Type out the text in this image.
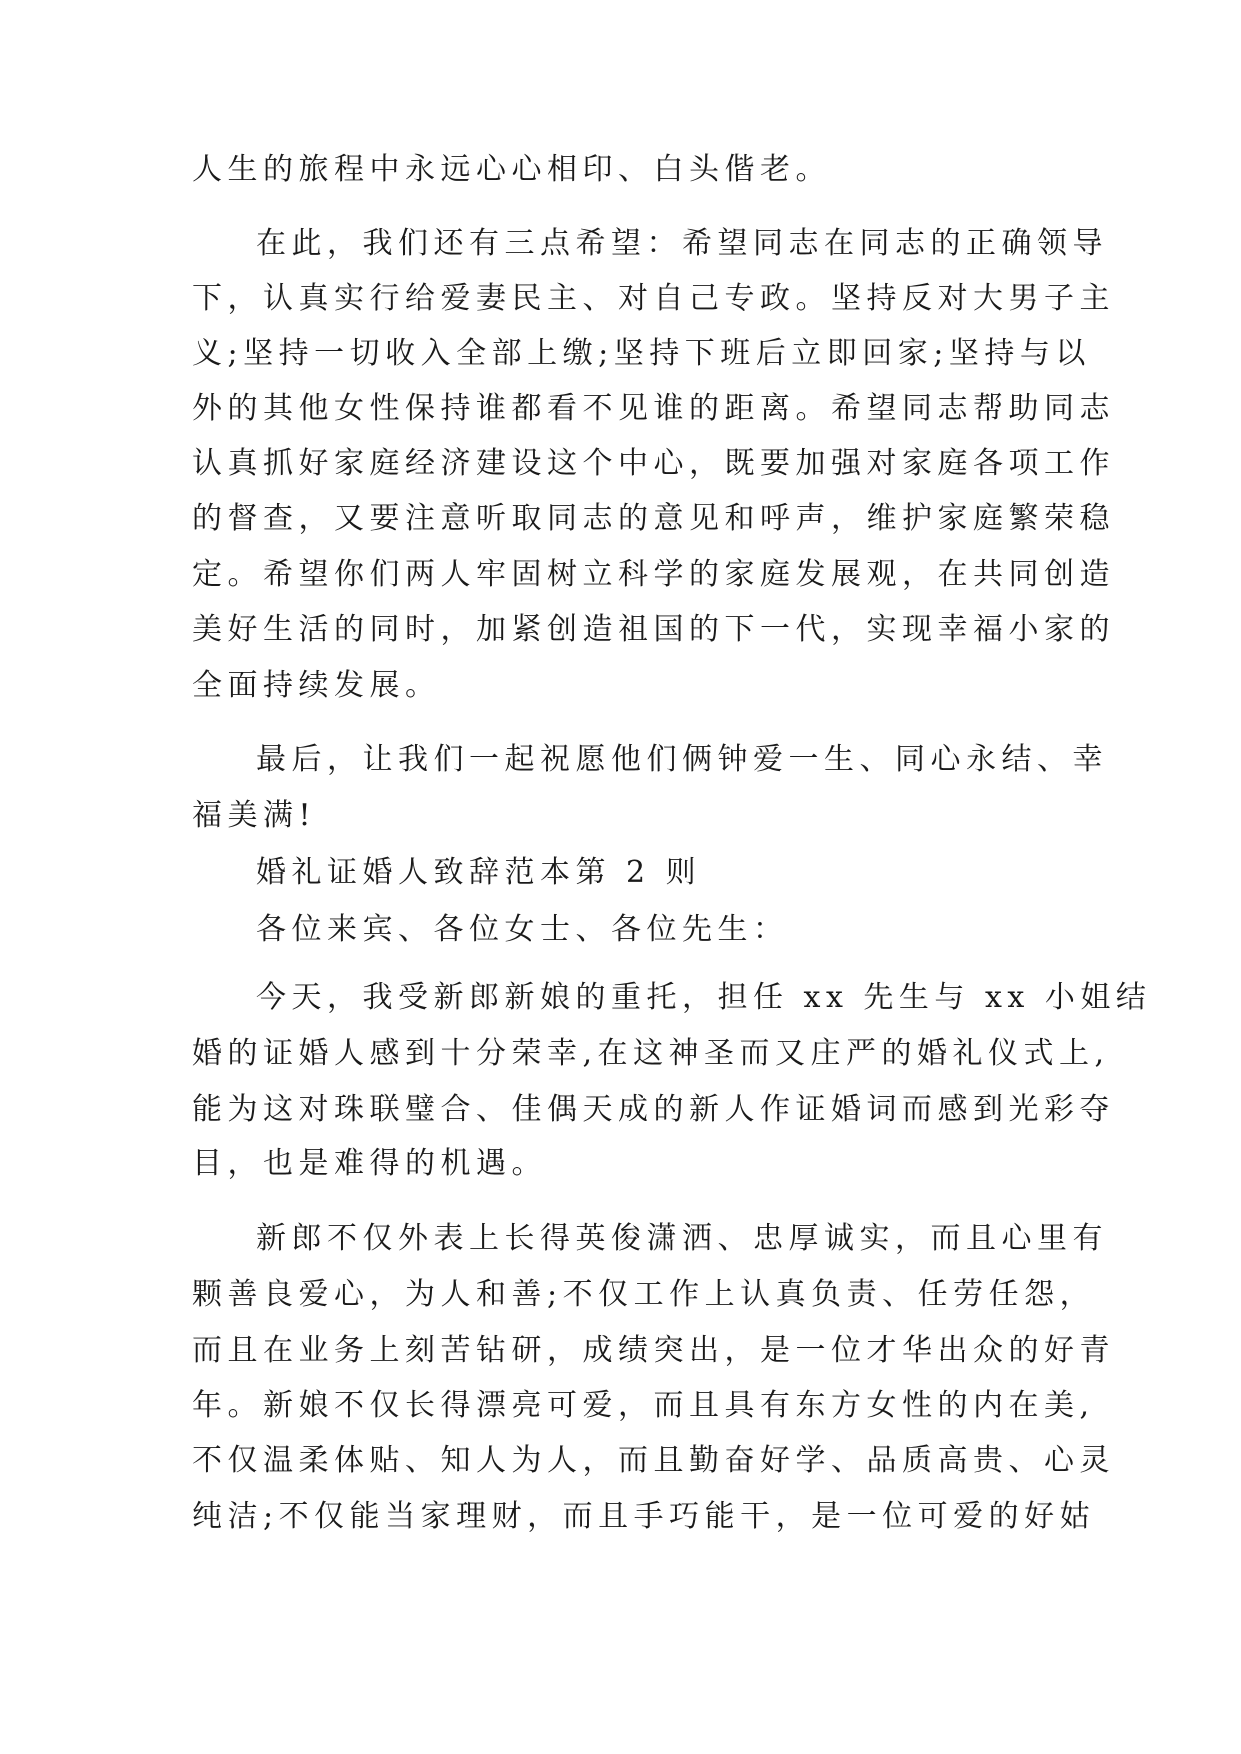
人生的旅程中永远心心相印、白头偕老。
在此，我们还有三点希望：希望同志在同志的正确领导
下，认真实行给爱妻民主、对自己专政。坚持反对大男子主
义;坚持一切收入全部上缴;坚持下班后立即回家;坚持与以
外的其他女性保持谁都看不见谁的距离。希望同志帮助同志
认真抓好家庭经济建设这个中心，既要加强对家庭各项工作
的督查，又要注意听取同志的意见和呼声，维护家庭繁荣稳
定。希望你们两人牢固树立科学的家庭发展观，在共同创造
美好生活的同时，加紧创造祖国的下一代，实现幸福小家的
全面持续发展。
最后，让我们一起祝愿他们俩钟爱一生、同心永结、幸
福美满!
婚礼证婚人致辞范本第 2 则
各位来宾、各位女士、各位先生：
今天，我受新郎新娘的重托，担任 xx 先生与 xx 小姐结
婚的证婚人感到十分荣幸,在这神圣而又庄严的婚礼仪式上,
能为这对珠联璧合、佳偶天成的新人作证婚词而感到光彩夺
目，也是难得的机遇。
新郎不仅外表上长得英俊潇洒、忠厚诚实，而且心里有
颗善良爱心，为人和善;不仅工作上认真负责、任劳任怨，
而且在业务上刻苦钻研，成绩突出，是一位才华出众的好青
年。新娘不仅长得漂亮可爱，而且具有东方女性的内在美,
不仅温柔体贴、知人为人，而且勤奋好学、品质高贵、心灵
纯洁;不仅能当家理财，而且手巧能干，是一位可爱的好姑
